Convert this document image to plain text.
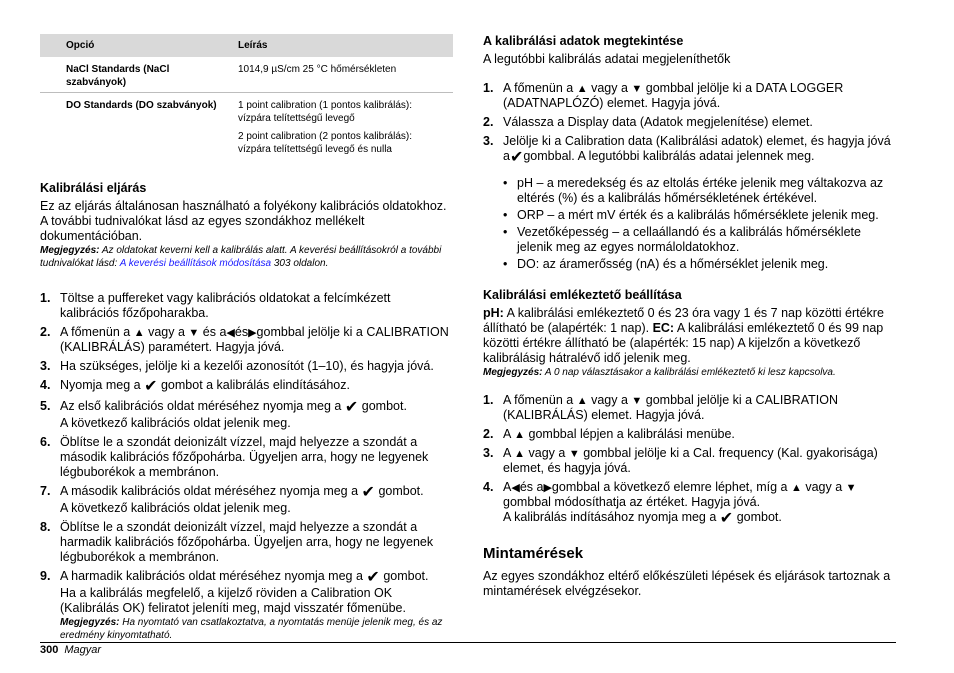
Opció	Leírás
NaCl Standards (NaCl szabványok)	1014,9 µS/cm 25 °C hőmérsékleten

DO Standards (DO szabványok)	1 point calibration (1 pontos kalibrálás): vízpára telítettségű levegő

2 point calibration (2 pontos kalibrálás): vízpára telítettségű levegő és nulla

Kalibrálási eljárás

Ez az eljárás általánosan használható a folyékony kalibrációs oldatokhoz. A további tudnivalókat lásd az egyes szondákhoz mellékelt dokumentációban.

Megjegyzés: Az oldatokat keverni kell a kalibrálás alatt. A keverési beállításokról a további tudnivalókat lásd: A keverési beállítások módosítása 303 oldalon.

1. Töltse a puffereket vagy kalibrációs oldatokat a felcímkézett kalibrációs főzőpoharakba.
2. A főmenün a ▲ vagy a ▼ és a◀és▶gombbal jelölje ki a CALIBRATION (KALIBRÁLÁS) paramétert. Hagyja jóvá.
3. Ha szükséges, jelölje ki a kezelői azonosítót (1–10), és hagyja jóvá.
4. Nyomja meg a ✔ gombot a kalibrálás elindításához.
5. Az első kalibrációs oldat méréséhez nyomja meg a ✔ gombot.
A következő kalibrációs oldat jelenik meg.
6. Öblítse le a szondát deionizált vízzel, majd helyezze a szondát a második kalibrációs főzőpohárba. Ügyeljen arra, hogy ne legyenek légbuborékok a membránon.
7. A második kalibrációs oldat méréséhez nyomja meg a ✔ gombot.
A következő kalibrációs oldat jelenik meg.
8. Öblítse le a szondát deionizált vízzel, majd helyezze a szondát a harmadik kalibrációs főzőpohárba. Ügyeljen arra, hogy ne legyenek légbuborékok a membránon.
9. A harmadik kalibrációs oldat méréséhez nyomja meg a ✔ gombot.
Ha a kalibrálás megfelelő, a kijelző röviden a Calibration OK (Kalibrálás OK) feliratot jeleníti meg, majd visszatér főmenübe.

Megjegyzés: Ha nyomtató van csatlakoztatva, a nyomtatás menüje jelenik meg, és az eredmény kinyomtatható.

A kalibrálási adatok megtekintése

A legutóbbi kalibrálás adatai megjeleníthetők

1. A főmenün a ▲ vagy a ▼ gombbal jelölje ki a DATA LOGGER (ADATNAPLÓZÓ) elemet. Hagyja jóvá.
2. Válassza a Display data (Adatok megjelenítése) elemet.
3. Jelölje ki a Calibration data (Kalibrálási adatok) elemet, és hagyja jóvá a✔gombbal. A legutóbbi kalibrálás adatai jelennek meg.
• pH – a meredekség és az eltolás értéke jelenik meg váltakozva az eltérés (%) és a kalibrálás hőmérsékletének értékével.
• ORP – a mért mV érték és a kalibrálás hőmérséklete jelenik meg.
• Vezetőképesség – a cellaállandó és a kalibrálás hőmérséklete jelenik meg az egyes normáloldatokhoz.
• DO: az áramerősség (nA) és a hőmérséklet jelenik meg.
Kalibrálási emlékeztető beállítása

pH: A kalibrálási emlékeztető 0 és 23 óra vagy 1 és 7 nap közötti értékre állítható be (alapérték: 1 nap). EC: A kalibrálási emlékeztető 0 és 99 nap közötti értékre állítható be (alapérték: 15 nap) A kijelzőn a következő kalibrálásig hátralévő idő jelenik meg.

Megjegyzés: A 0 nap választásakor a kalibrálási emlékeztető ki lesz kapcsolva.

1. A főmenün a ▲ vagy a ▼ gombbal jelölje ki a CALIBRATION (KALIBRÁLÁS) elemet. Hagyja jóvá.
2. A ▲ gombbal lépjen a kalibrálási menübe.
3. A ▲ vagy a ▼ gombbal jelölje ki a Cal. frequency (Kal. gyakorisága) elemet, és hagyja jóvá.
4. A◀és a▶gombbal a következő elemre léphet, míg a ▲ vagy a ▼ gombbal módosíthatja az értéket. Hagyja jóvá.
A kalibrálás indításához nyomja meg a ✔ gombot.
Mintamérések

Az egyes szondákhoz eltérő előkészületi lépések és eljárások tartoznak a mintamérések elvégzésekor.

300 Magyar
